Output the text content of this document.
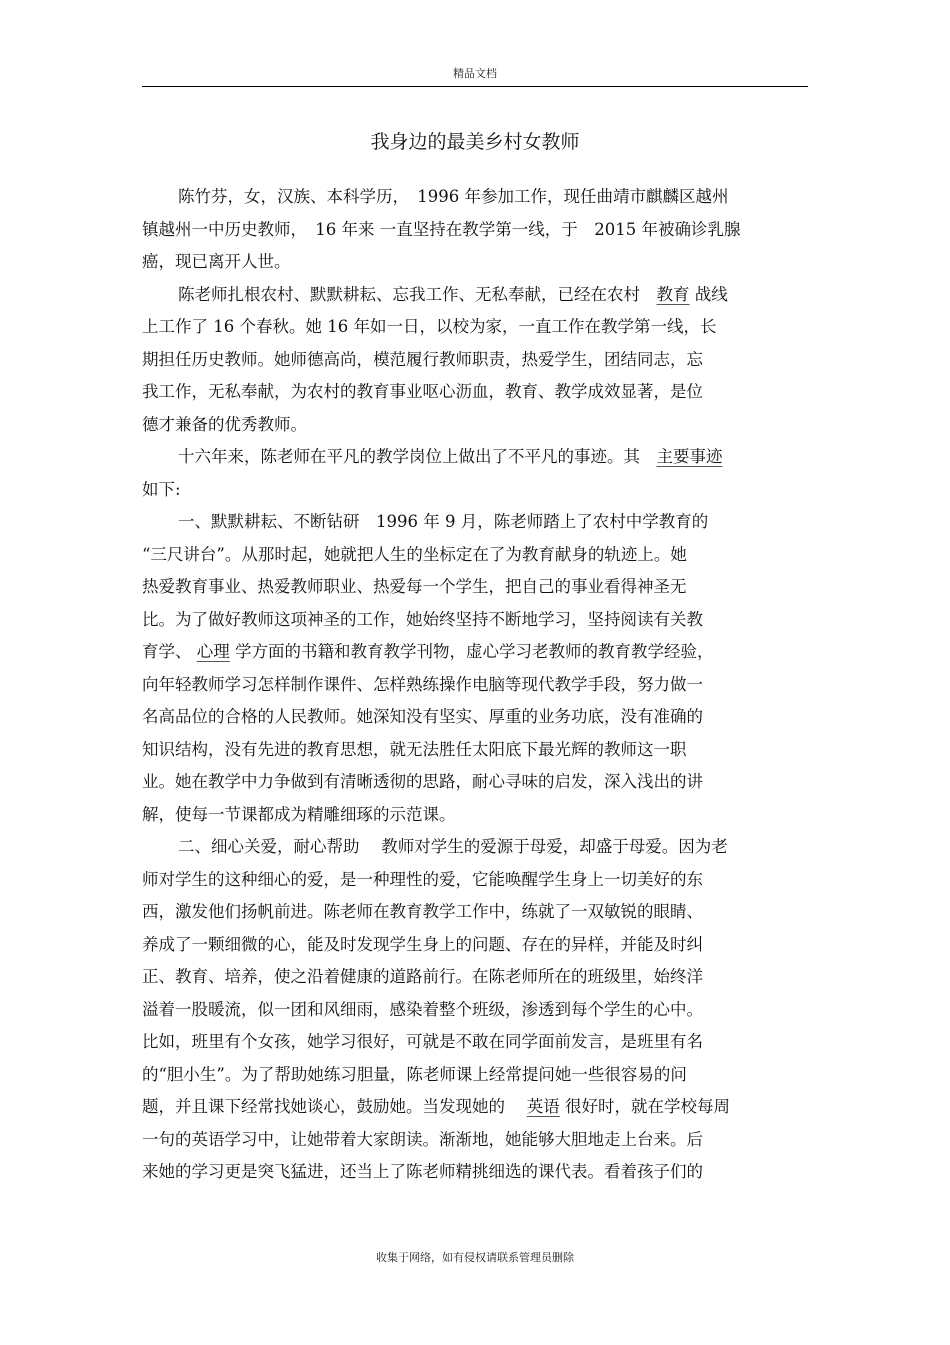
精品文档
我身边的最美乡村女教师

陈竹芬，女，汉族、本科学历，　1996 年参加工作，现任曲靖市麒麟区越州
镇越州一中历史教师，　16 年来 一直坚持在教学第一线，于　2015 年被确诊乳腺
癌，现已离开人世。

陈老师扎根农村、默默耕耘、忘我工作、无私奉献，已经在农村　教育 战线
上工作了 16 个春秋。她 16 年如一日，以校为家，一直工作在教学第一线，长
期担任历史教师。她师德高尚，模范履行教师职责，热爱学生，团结同志，忘
我工作，无私奉献，为农村的教育事业呕心沥血，教育、教学成效显著，是位
德才兼备的优秀教师。

十六年来，陈老师在平凡的教学岗位上做出了不平凡的事迹。其　主要事迹
如下:

一、默默耕耘、不断钻研　1996 年 9 月，陈老师踏上了农村中学教育的
“三尺讲台”。从那时起，她就把人生的坐标定在了为教育献身的轨迹上。她
热爱教育事业、热爱教师职业、热爱每一个学生，把自己的事业看得神圣无
比。为了做好教师这项神圣的工作，她始终坚持不断地学习，坚持阅读有关教
育学、 心理 学方面的书籍和教育教学刊物，虚心学习老教师的教育教学经验，
向年轻教师学习怎样制作课件、怎样熟练操作电脑等现代教学手段，努力做一
名高品位的合格的人民教师。她深知没有坚实、厚重的业务功底，没有准确的
知识结构，没有先进的教育思想，就无法胜任太阳底下最光辉的教师这一职
业。她在教学中力争做到有清晰透彻的思路，耐心寻味的启发，深入浅出的讲
解，使每一节课都成为精雕细琢的示范课。

二、细心关爱，耐心帮助　 教师对学生的爱源于母爱，却盛于母爱。因为老
师对学生的这种细心的爱，是一种理性的爱，它能唤醒学生身上一切美好的东
西，激发他们扬帆前进。陈老师在教育教学工作中，练就了一双敏锐的眼睛、
养成了一颗细微的心，能及时发现学生身上的问题、存在的异样，并能及时纠
正、教育、培养，使之沿着健康的道路前行。在陈老师所在的班级里，始终洋
溢着一股暖流，似一团和风细雨，感染着整个班级，渗透到每个学生的心中。
比如，班里有个女孩，她学习很好，可就是不敢在同学面前发言，是班里有名
的“胆小生”。为了帮助她练习胆量，陈老师课上经常提问她一些很容易的问
题，并且课下经常找她谈心，鼓励她。当发现她的　 英语 很好时，就在学校每周
一句的英语学习中，让她带着大家朗读。渐渐地，她能够大胆地走上台来。后
来她的学习更是突飞猛进，还当上了陈老师精挑细选的课代表。看着孩子们的

收集于网络，如有侵权请联系管理员删除
